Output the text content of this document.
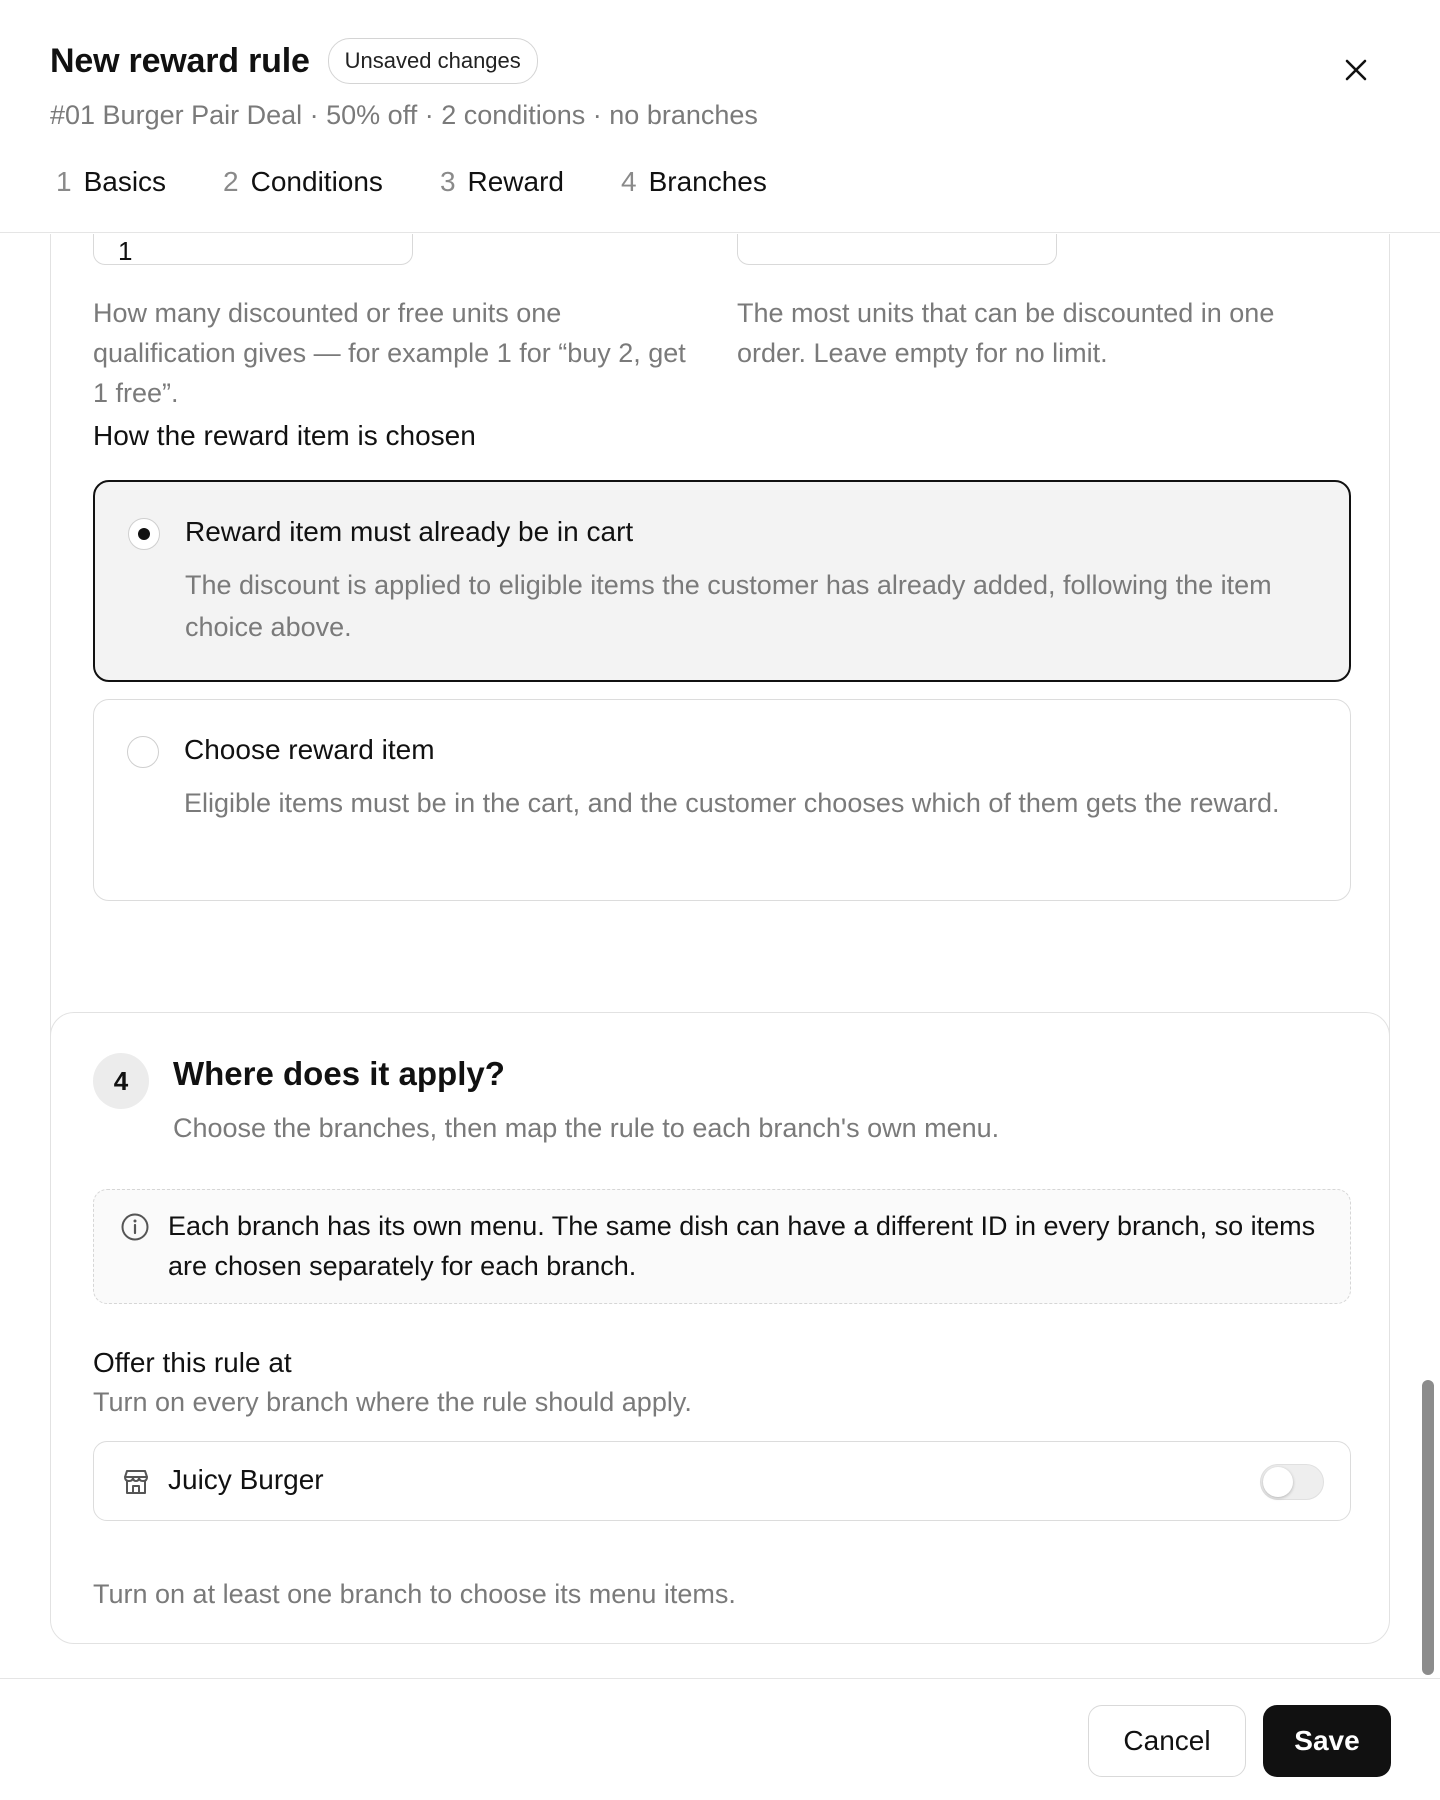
New reward rule	Unsaved changes
#01 Burger Pair Deal · 50% off · 2 conditions · no branches
1 Basics 2 Conditions 3 Reward 4 Branches
1
How many discounted or free units one qualification gives — for example 1 for “buy 2, get 1 free”.
The most units that can be discounted in one order. Leave empty for no limit.
How the reward item is chosen
Reward item must already be in cart
The discount is applied to eligible items the customer has already added, following the item choice above.
Choose reward item
Eligible items must be in the cart, and the customer chooses which of them gets the reward.
4	Where does it apply?
Choose the branches, then map the rule to each branch's own menu.
Each branch has its own menu. The same dish can have a different ID in every branch, so items are chosen separately for each branch.
Offer this rule at
Turn on every branch where the rule should apply.
Juicy Burger
Turn on at least one branch to choose its menu items.
Cancel	Save
